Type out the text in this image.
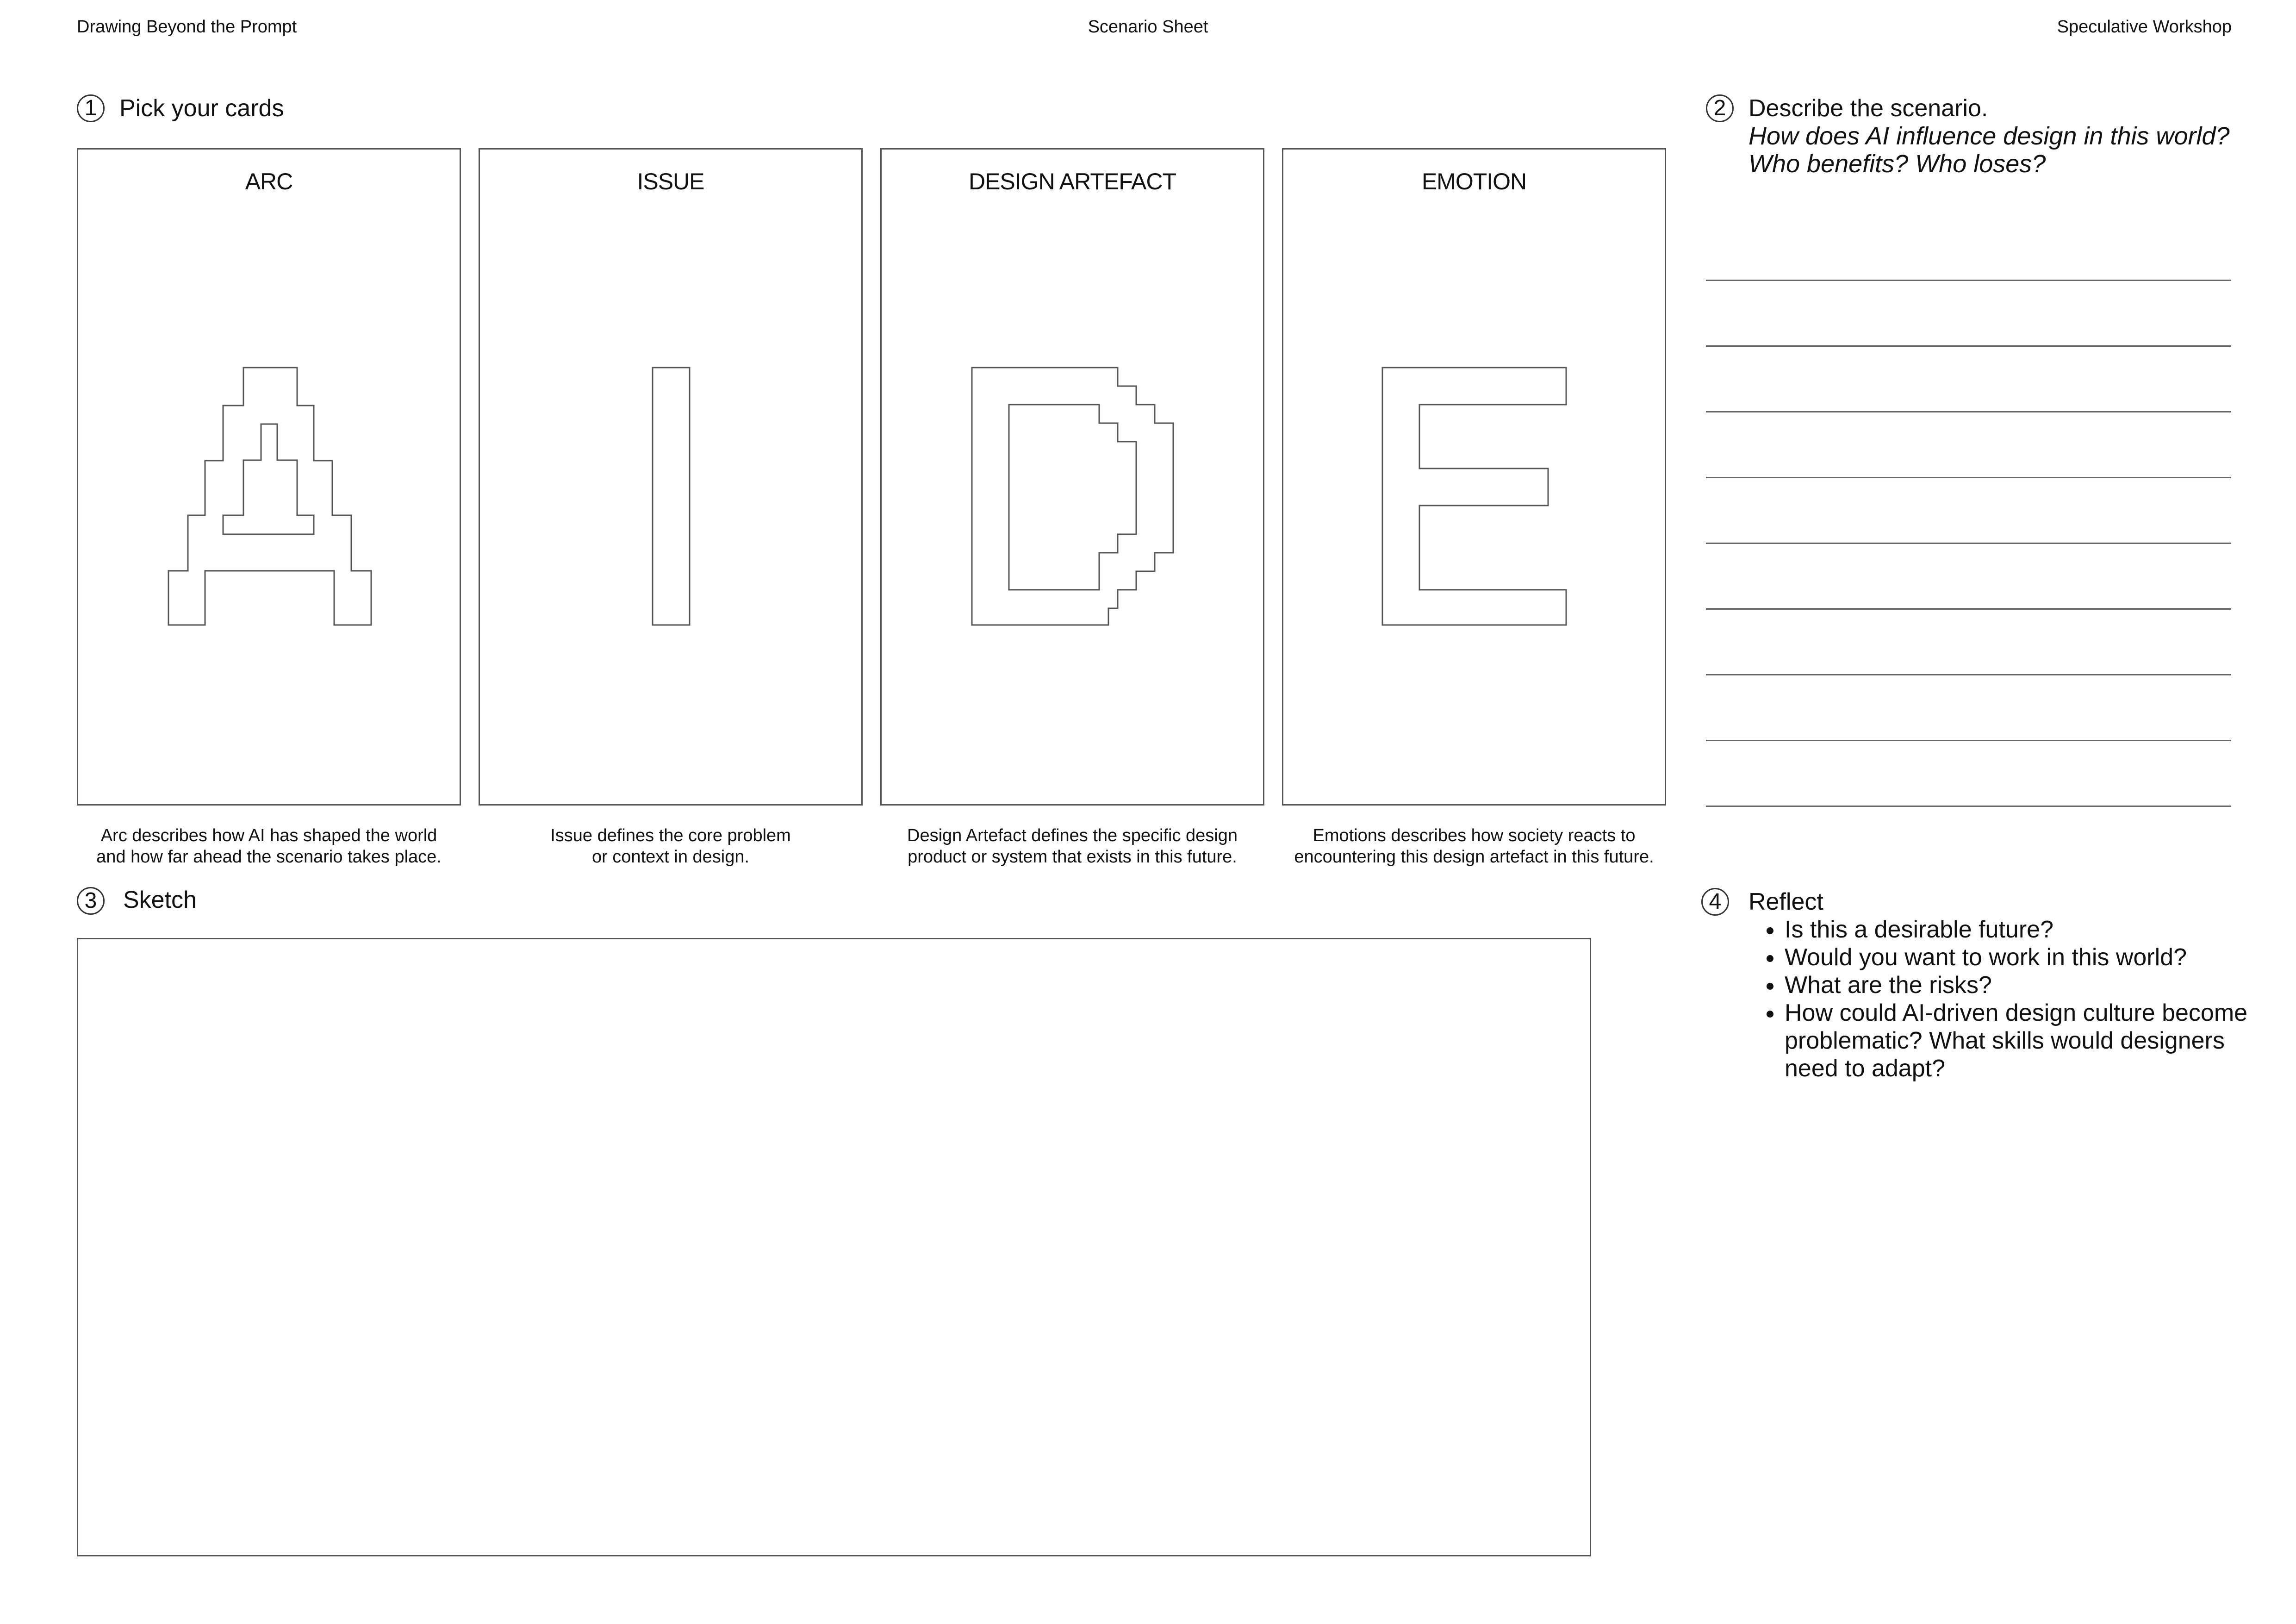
Drawing Beyond the Prompt	Scenario Sheet	Speculative Workshop
1 Pick your cards
ARC	ISSUE	DESIGN ARTEFACT	EMOTION
Arc describes how AI has shaped the world
and how far ahead the scenario takes place.
Issue defines the core problem
or context in design.
Design Artefact defines the specific design
product or system that exists in this future.
Emotions describes how society reacts to
encountering this design artefact in this future.
2 Describe the scenario.
How does AI influence design in this world?
Who benefits? Who loses?
3	Sketch	4	Reflect
• Is this a desirable future?
• Would you want to work in this world?
• What are the risks?
• How could AI-driven design culture become problematic? What skills would designers need to adapt?
